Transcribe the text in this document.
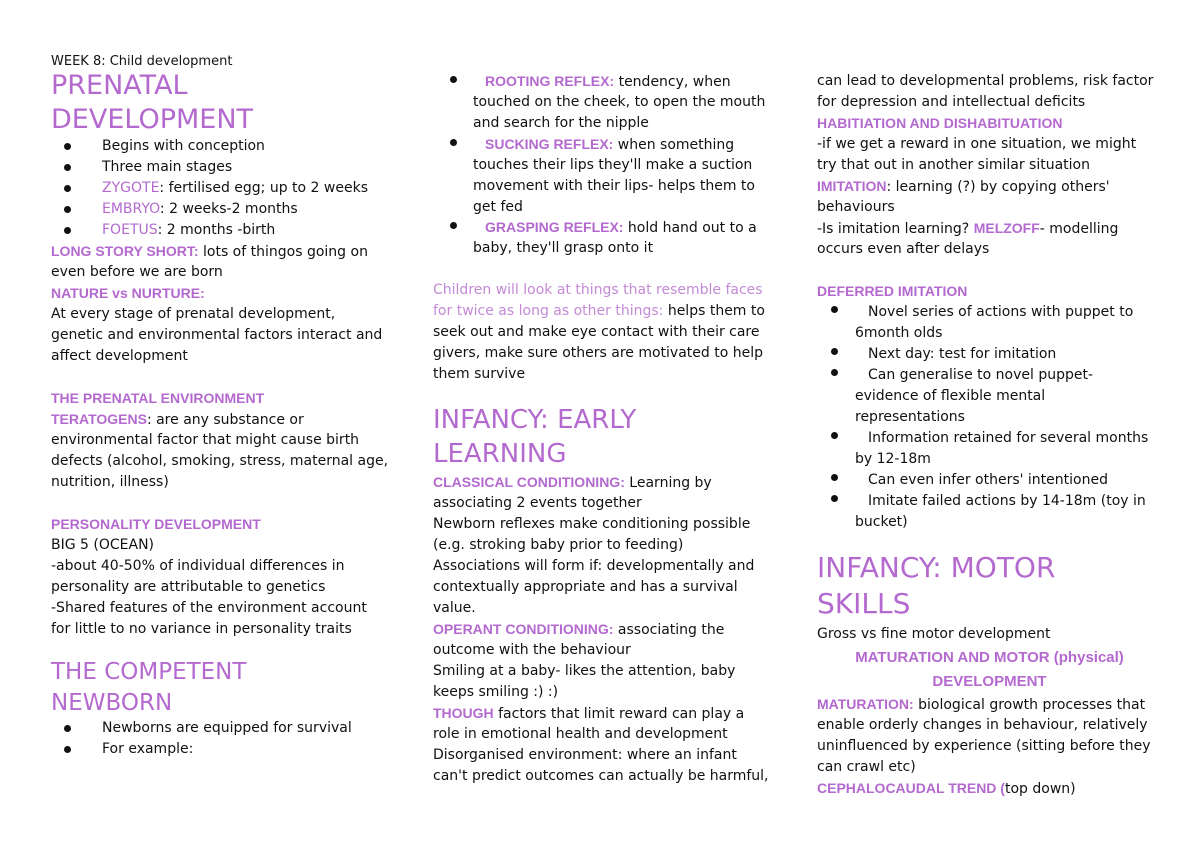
WEEK 8: Child development
PRENATAL
DEVELOPMENT
Begins with conception
Three main stages
ZYGOTE: fertilised egg; up to 2 weeks
EMBRYO: 2 weeks-2 months
FOETUS: 2 months -birth
LONG STORY SHORT: lots of thingos going on
even before we are born
NATURE vs NURTURE:
At every stage of prenatal development,
genetic and environmental factors interact and
affect development
THE PRENATAL ENVIRONMENT
TERATOGENS: are any substance or
environmental factor that might cause birth
defects (alcohol, smoking, stress, maternal age,
nutrition, illness)
PERSONALITY DEVELOPMENT
BIG 5 (OCEAN)
-about 40-50% of individual differences in
personality are attributable to genetics
-Shared features of the environment account
for little to no variance in personality traits
THE COMPETENT
NEWBORN
Newborns are equipped for survival
For example:
ROOTING REFLEX: tendency, when
touched on the cheek, to open the mouth
and search for the nipple
SUCKING REFLEX: when something
touches their lips they'll make a suction
movement with their lips- helps them to
get fed
GRASPING REFLEX: hold hand out to a
baby, they'll grasp onto it
Children will look at things that resemble faces
for twice as long as other things: helps them to
seek out and make eye contact with their care
givers, make sure others are motivated to help
them survive
INFANCY: EARLY
LEARNING
CLASSICAL CONDITIONING: Learning by
associating 2 events together
Newborn reflexes make conditioning possible
(e.g. stroking baby prior to feeding)
Associations will form if: developmentally and
contextually appropriate and has a survival
value.
OPERANT CONDITIONING: associating the
outcome with the behaviour
Smiling at a baby- likes the attention, baby
keeps smiling :) :)
THOUGH factors that limit reward can play a
role in emotional health and development
Disorganised environment: where an infant
can't predict outcomes can actually be harmful,
can lead to developmental problems, risk factor
for depression and intellectual deficits
HABITIATION AND DISHABITUATION
-if we get a reward in one situation, we might
try that out in another similar situation
IMITATION: learning (?) by copying others'
behaviours
-Is imitation learning? MELZOFF- modelling
occurs even after delays
DEFERRED IMITATION
Novel series of actions with puppet to
6month olds
Next day: test for imitation
Can generalise to novel puppet-
evidence of flexible mental
representations
Information retained for several months
by 12-18m
Can even infer others' intentioned
Imitate failed actions by 14-18m (toy in
bucket)
INFANCY: MOTOR
SKILLS
Gross vs fine motor development
MATURATION AND MOTOR (physical)
DEVELOPMENT
MATURATION: biological growth processes that
enable orderly changes in behaviour, relatively
uninfluenced by experience (sitting before they
can crawl etc)
CEPHALOCAUDAL TREND (top down)
